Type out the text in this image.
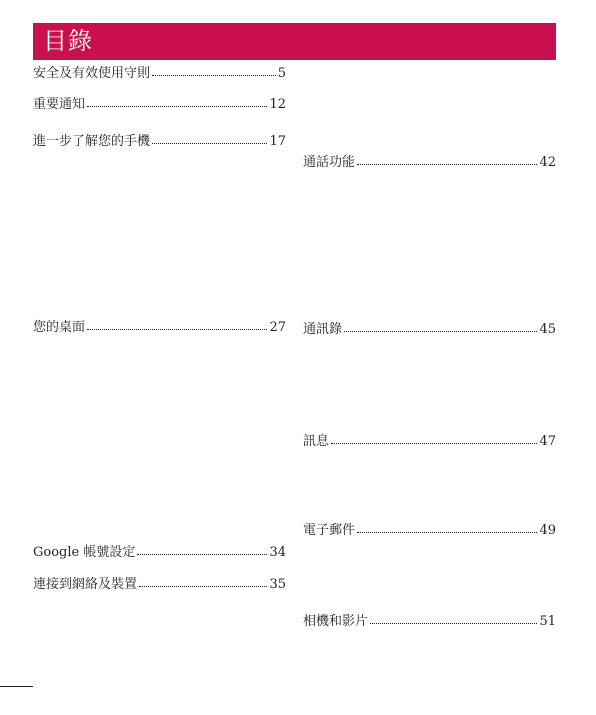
目錄
安全及有效使用守則	5
重要通知	12
進一步了解您的手機	17
您的桌面	27
Google 帳號設定	34
連接到網絡及裝置	35
通話功能	42
通訊錄	45
訊息	47
電子郵件	49
相機和影片	51
